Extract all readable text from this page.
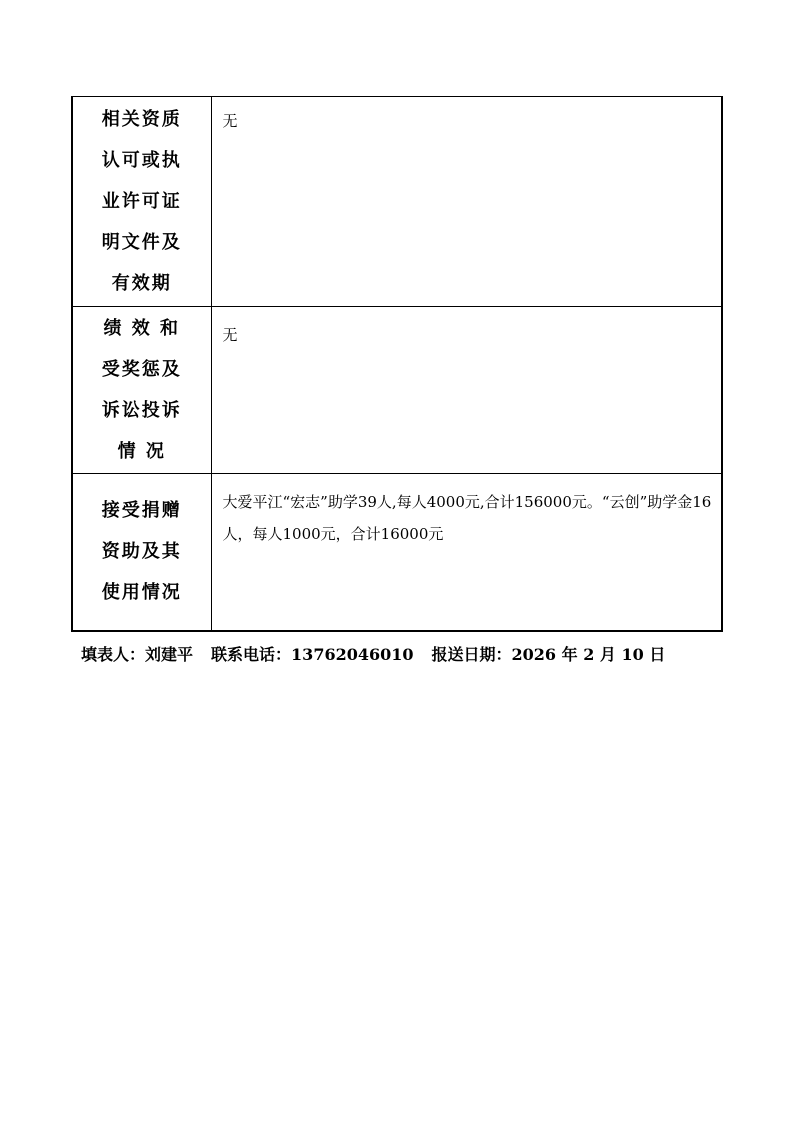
相关资质
认可或执
业许可证
明文件及
有效期	无

绩 效 和
受奖惩及
诉讼投诉
情 况	无

接受捐赠
资助及其
使用情况	大爱平江“宏志”助学39人,每人4000元,合计156000元。“云创”助学金16人，每人1000元，合计16000元
填表人：刘建平 联系电话：13762046010 报送日期：2026 年 2 月 10 日
